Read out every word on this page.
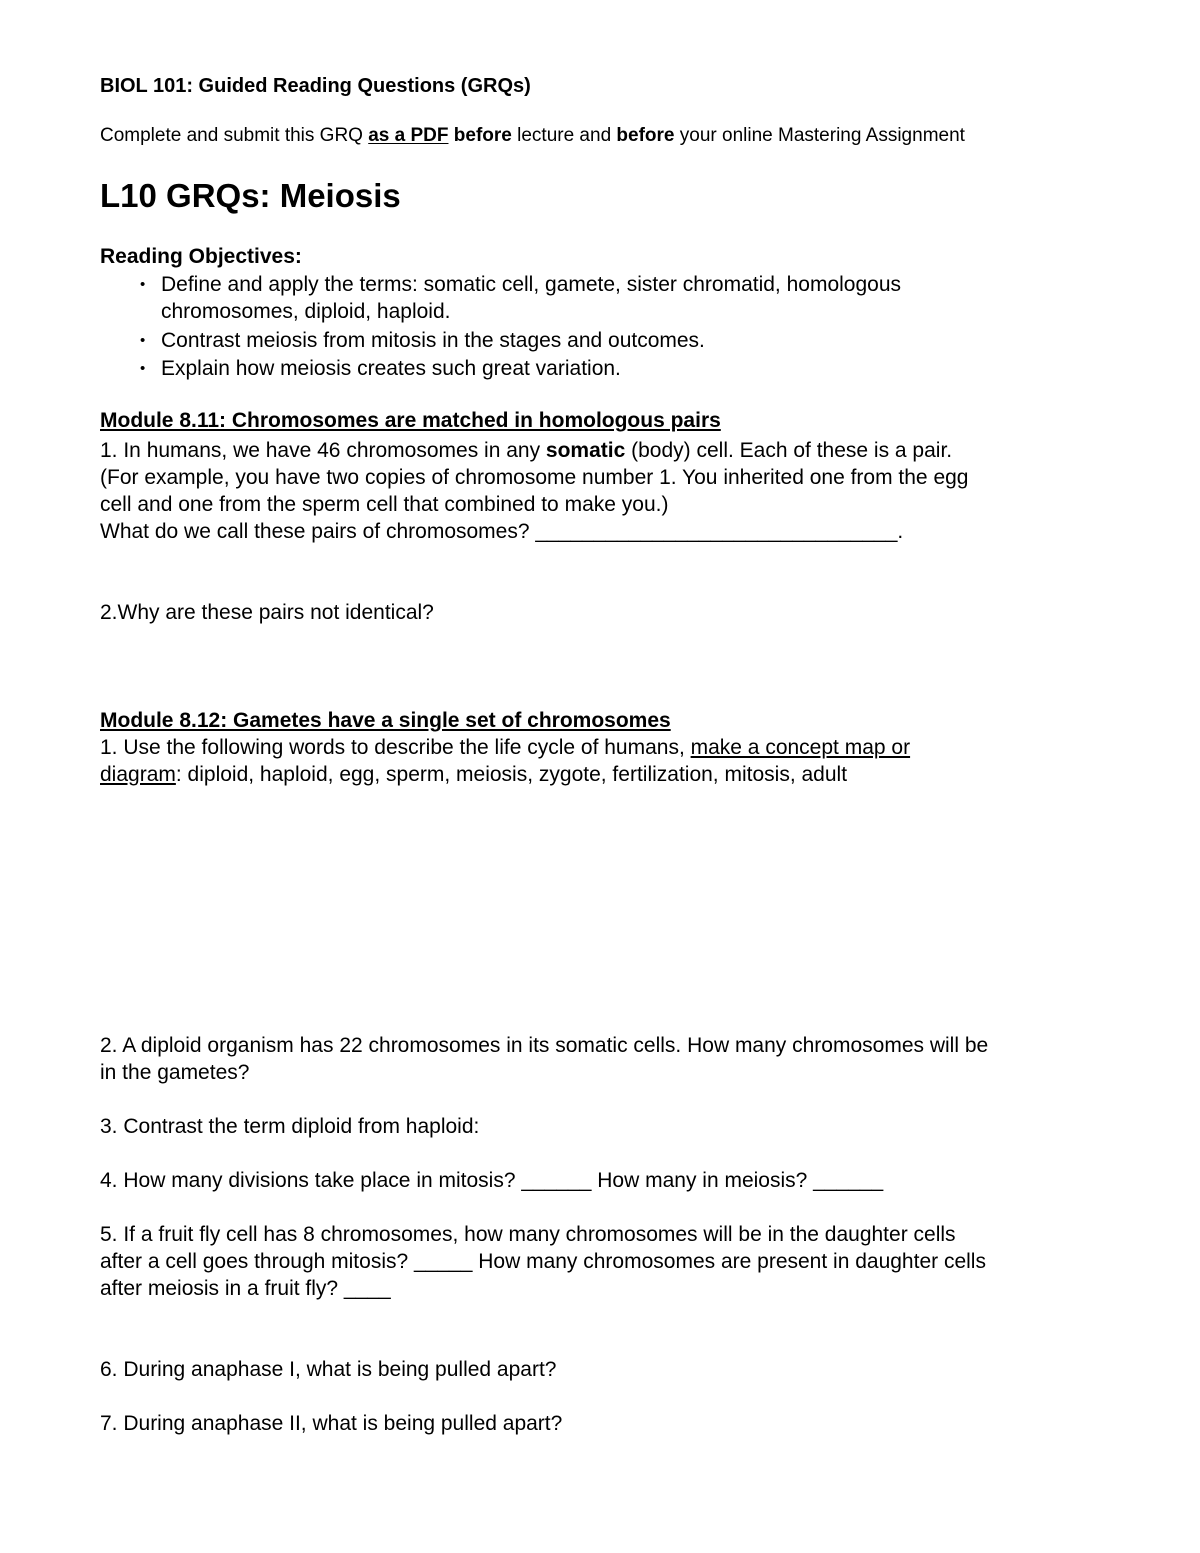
BIOL 101: Guided Reading Questions (GRQs)
Complete and submit this GRQ as a PDF before lecture and before your online Mastering Assignment
L10 GRQs: Meiosis
Reading Objectives:
• Define and apply the terms: somatic cell, gamete, sister chromatid, homologous
chromosomes, diploid, haploid.
• Contrast meiosis from mitosis in the stages and outcomes.
• Explain how meiosis creates such great variation.
Module 8.11: Chromosomes are matched in homologous pairs
1. In humans, we have 46 chromosomes in any somatic (body) cell. Each of these is a pair.
(For example, you have two copies of chromosome number 1. You inherited one from the egg
cell and one from the sperm cell that combined to make you.)
What do we call these pairs of chromosomes? _______________________________.
2.Why are these pairs not identical?
Module 8.12: Gametes have a single set of chromosomes
1. Use the following words to describe the life cycle of humans, make a concept map or
diagram: diploid, haploid, egg, sperm, meiosis, zygote, fertilization, mitosis, adult
2. A diploid organism has 22 chromosomes in its somatic cells. How many chromosomes will be
in the gametes?
3. Contrast the term diploid from haploid:
4. How many divisions take place in mitosis? ______ How many in meiosis? ______
5. If a fruit fly cell has 8 chromosomes, how many chromosomes will be in the daughter cells
after a cell goes through mitosis? _____ How many chromosomes are present in daughter cells
after meiosis in a fruit fly? ____
6. During anaphase I, what is being pulled apart?
7. During anaphase II, what is being pulled apart?
